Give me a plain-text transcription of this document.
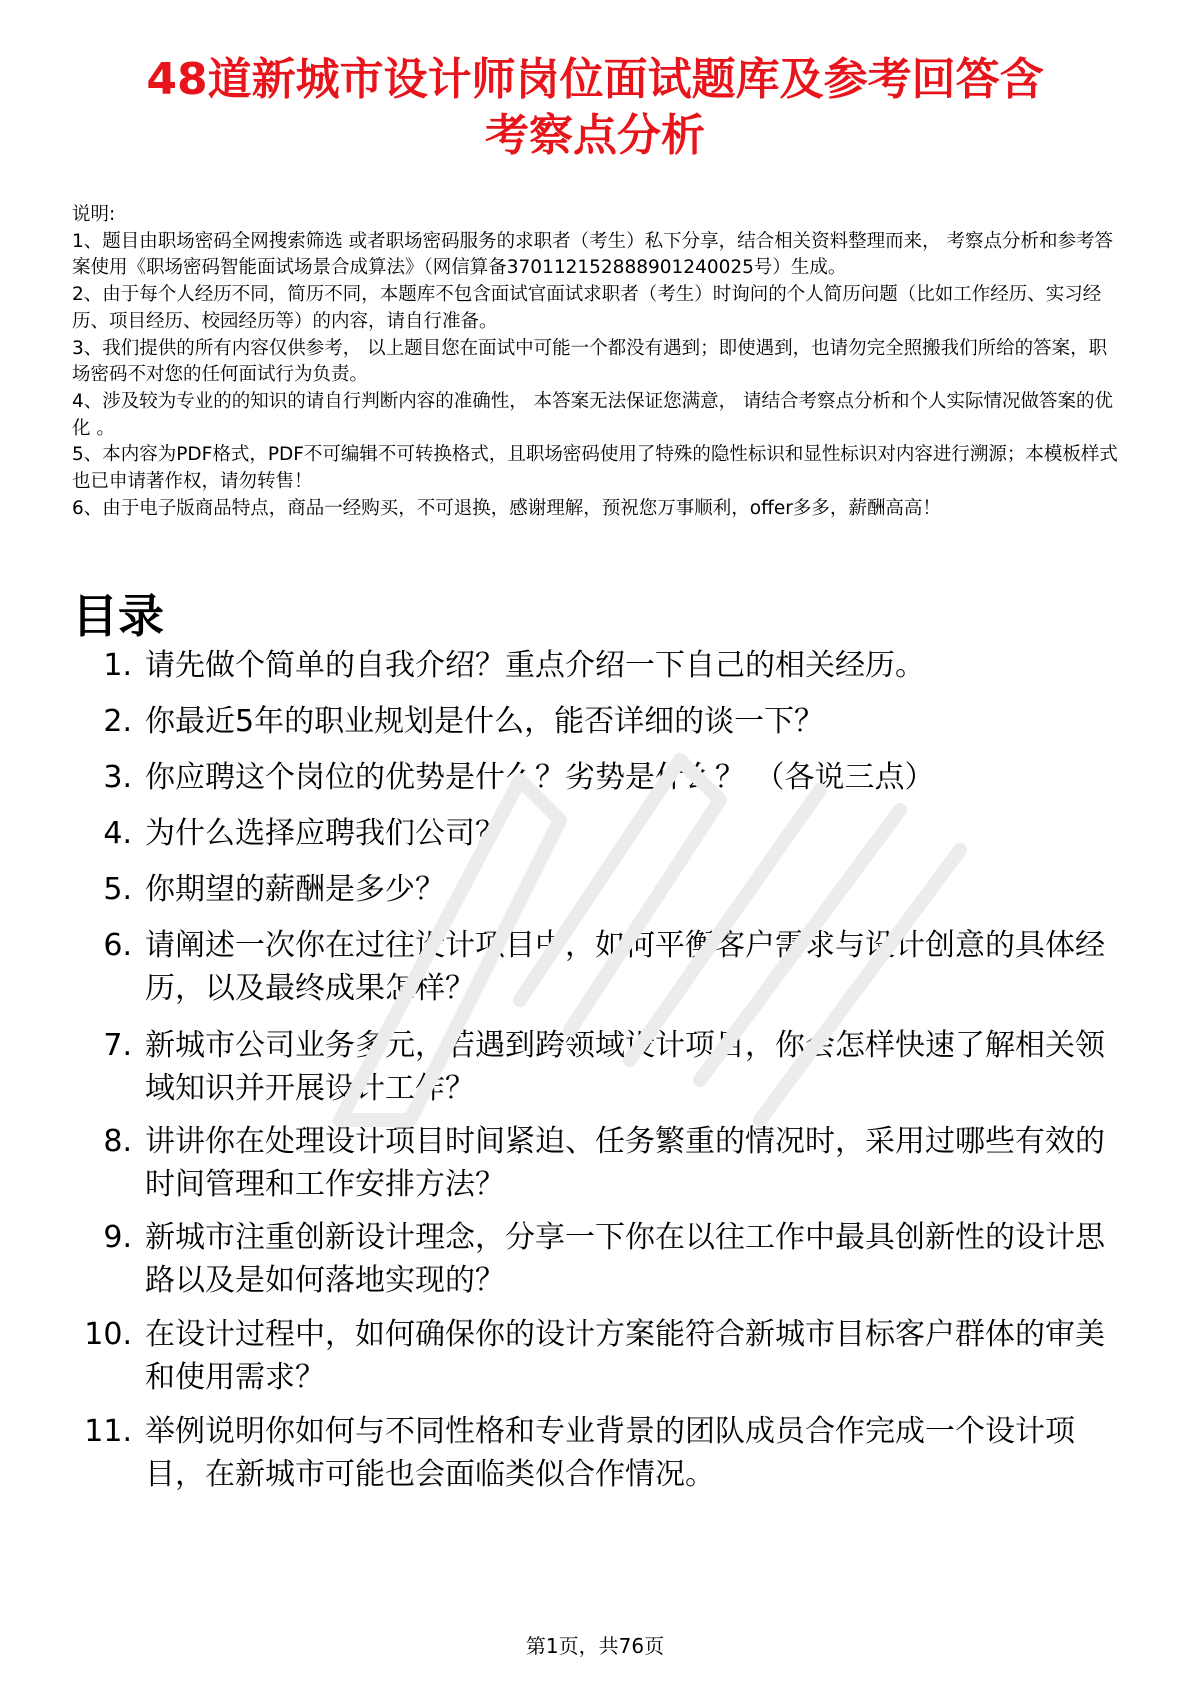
48道新城市设计师岗位面试题库及参考回答含
考察点分析

说明:

1、题目由职场密码全网搜索筛选 或者职场密码服务的求职者（考生）私下分享，结合相关资料整理而来， 考察点分析和参考答案使用《职场密码智能面试场景合成算法》（网信算备370112152888901240025号）生成。

2、由于每个人经历不同，简历不同，本题库不包含面试官面试求职者（考生）时询问的个人简历问题（比如工作经历、实习经历、项目经历、校园经历等）的内容，请自行准备。

3、我们提供的所有内容仅供参考， 以上题目您在面试中可能一个都没有遇到；即使遇到，也请勿完全照搬我们所给的答案，职场密码不对您的任何面试行为负责。

4、涉及较为专业的的知识的请自行判断内容的准确性， 本答案无法保证您满意， 请结合考察点分析和个人实际情况做答案的优化 。

5、本内容为PDF格式，PDF不可编辑不可转换格式，且职场密码使用了特殊的隐性标识和显性标识对内容进行溯源；本模板样式也已申请著作权，请勿转售！

6、由于电子版商品特点，商品一经购买，不可退换，感谢理解，预祝您万事顺利，offer多多，薪酬高高！

目录
1. 请先做个简单的自我介绍？重点介绍一下自己的相关经历。
2. 你最近5年的职业规划是什么，能否详细的谈一下？
3. 你应聘这个岗位的优势是什么？劣势是什么？ （各说三点）
4. 为什么选择应聘我们公司？
5. 你期望的薪酬是多少？
6. 请阐述一次你在过往设计项目中，如何平衡客户需求与设计创意的具体经历，以及最终成果怎样？
7. 新城市公司业务多元，若遇到跨领域设计项目，你会怎样快速了解相关领域知识并开展设计工作？
8. 讲讲你在处理设计项目时间紧迫、任务繁重的情况时，采用过哪些有效的时间管理和工作安排方法？
9. 新城市注重创新设计理念，分享一下你在以往工作中最具创新性的设计思路以及是如何落地实现的？
10. 在设计过程中，如何确保你的设计方案能符合新城市目标客户群体的审美和使用需求？
11. 举例说明你如何与不同性格和专业背景的团队成员合作完成一个设计项目，在新城市可能也会面临类似合作情况。
第1页，共76页
